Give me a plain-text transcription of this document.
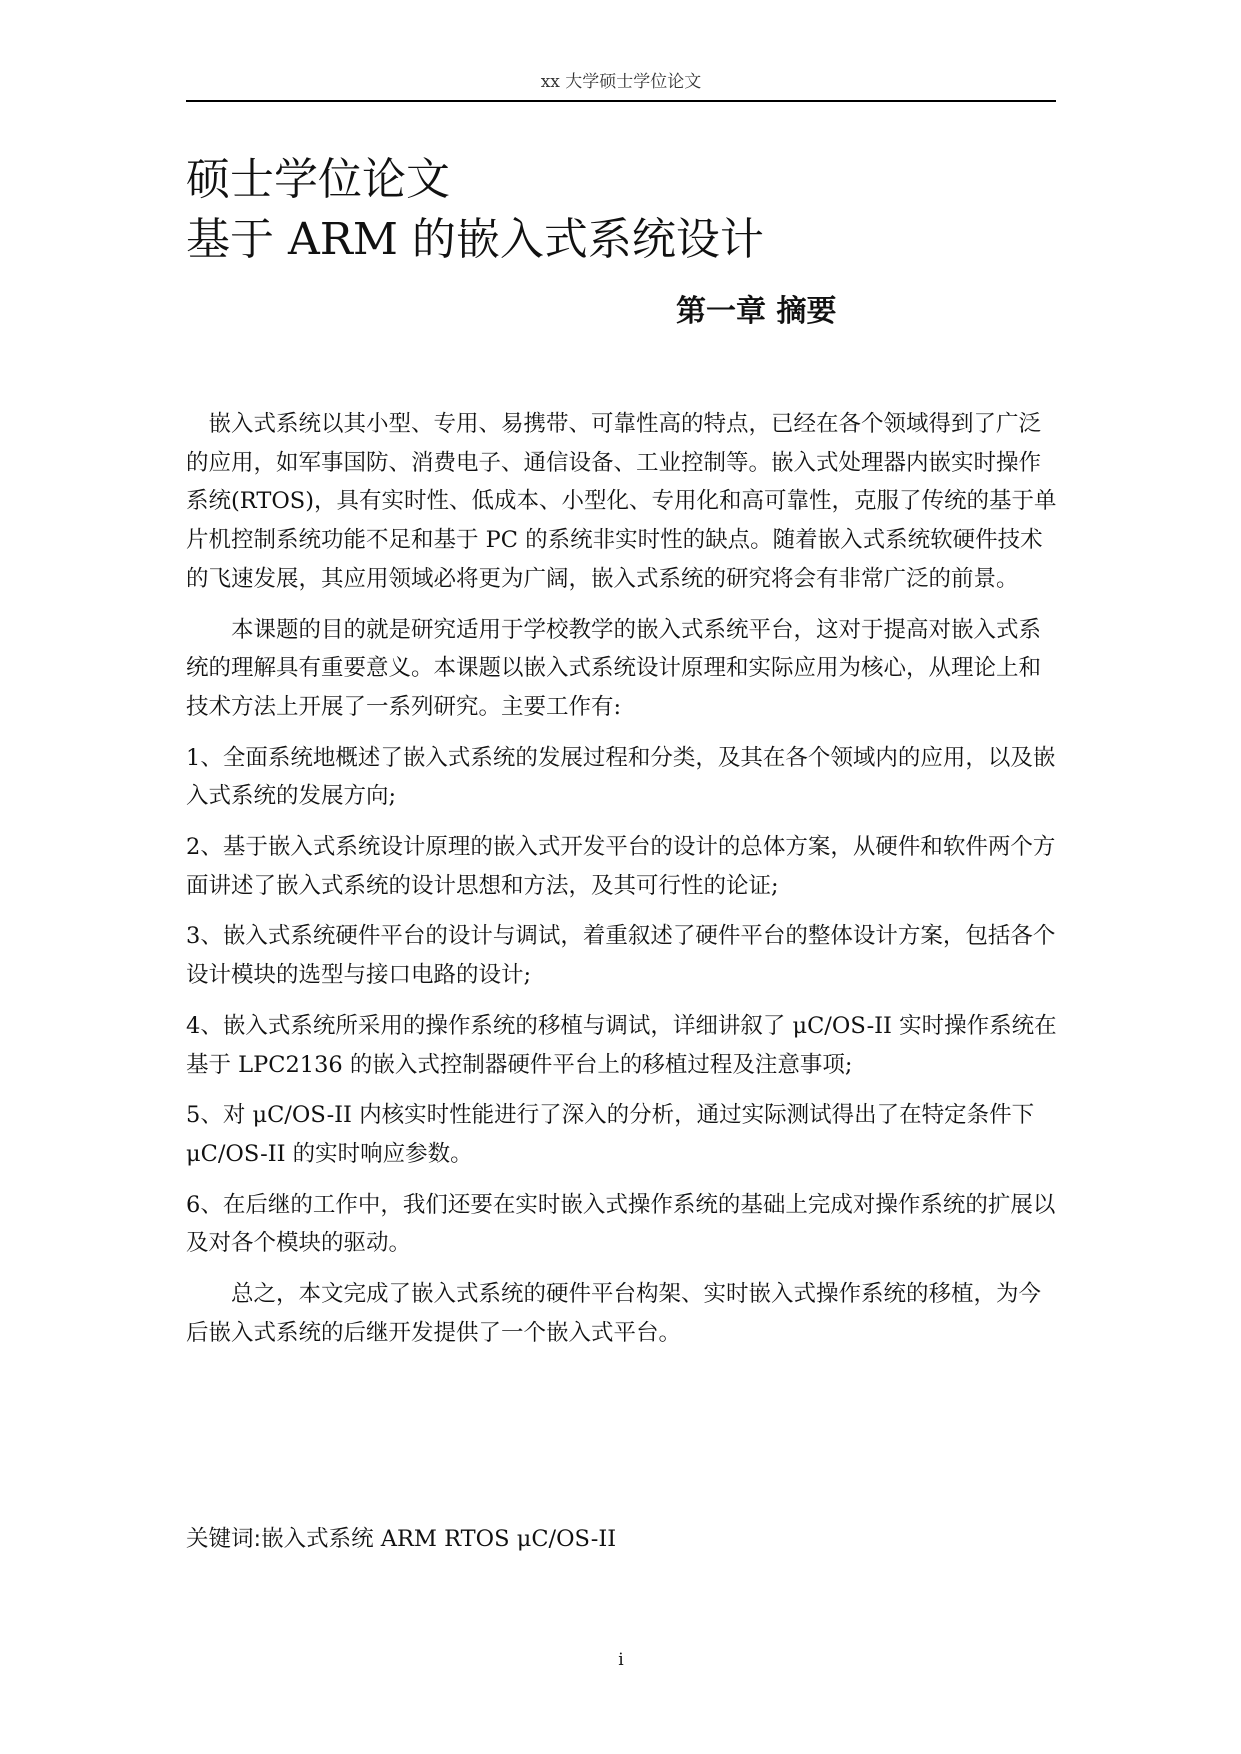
xx 大学硕士学位论文
硕士学位论文
基于 ARM 的嵌入式系统设计
第一章 摘要

嵌入式系统以其小型、专用、易携带、可靠性高的特点，已经在各个领域得到了广泛的应用，如军事国防、消费电子、通信设备、工业控制等。嵌入式处理器内嵌实时操作系统(RTOS)，具有实时性、低成本、小型化、专用化和高可靠性，克服了传统的基于单片机控制系统功能不足和基于 PC 的系统非实时性的缺点。随着嵌入式系统软硬件技术的飞速发展，其应用领域必将更为广阔，嵌入式系统的研究将会有非常广泛的前景。

本课题的目的就是研究适用于学校教学的嵌入式系统平台，这对于提高对嵌入式系统的理解具有重要意义。本课题以嵌入式系统设计原理和实际应用为核心，从理论上和技术方法上开展了一系列研究。主要工作有:

1、全面系统地概述了嵌入式系统的发展过程和分类，及其在各个领域内的应用，以及嵌入式系统的发展方向;

2、基于嵌入式系统设计原理的嵌入式开发平台的设计的总体方案，从硬件和软件两个方面讲述了嵌入式系统的设计思想和方法，及其可行性的论证;

3、嵌入式系统硬件平台的设计与调试，着重叙述了硬件平台的整体设计方案，包括各个设计模块的选型与接口电路的设计;

4、嵌入式系统所采用的操作系统的移植与调试，详细讲叙了 μC/OS-II 实时操作系统在基于 LPC2136 的嵌入式控制器硬件平台上的移植过程及注意事项;

5、对 μC/OS-II 内核实时性能进行了深入的分析，通过实际测试得出了在特定条件下 μC/OS-II 的实时响应参数。

6、在后继的工作中，我们还要在实时嵌入式操作系统的基础上完成对操作系统的扩展以及对各个模块的驱动。

总之，本文完成了嵌入式系统的硬件平台构架、实时嵌入式操作系统的移植，为今后嵌入式系统的后继开发提供了一个嵌入式平台。

关键词:嵌入式系统 ARM RTOS μC/OS-II
i
